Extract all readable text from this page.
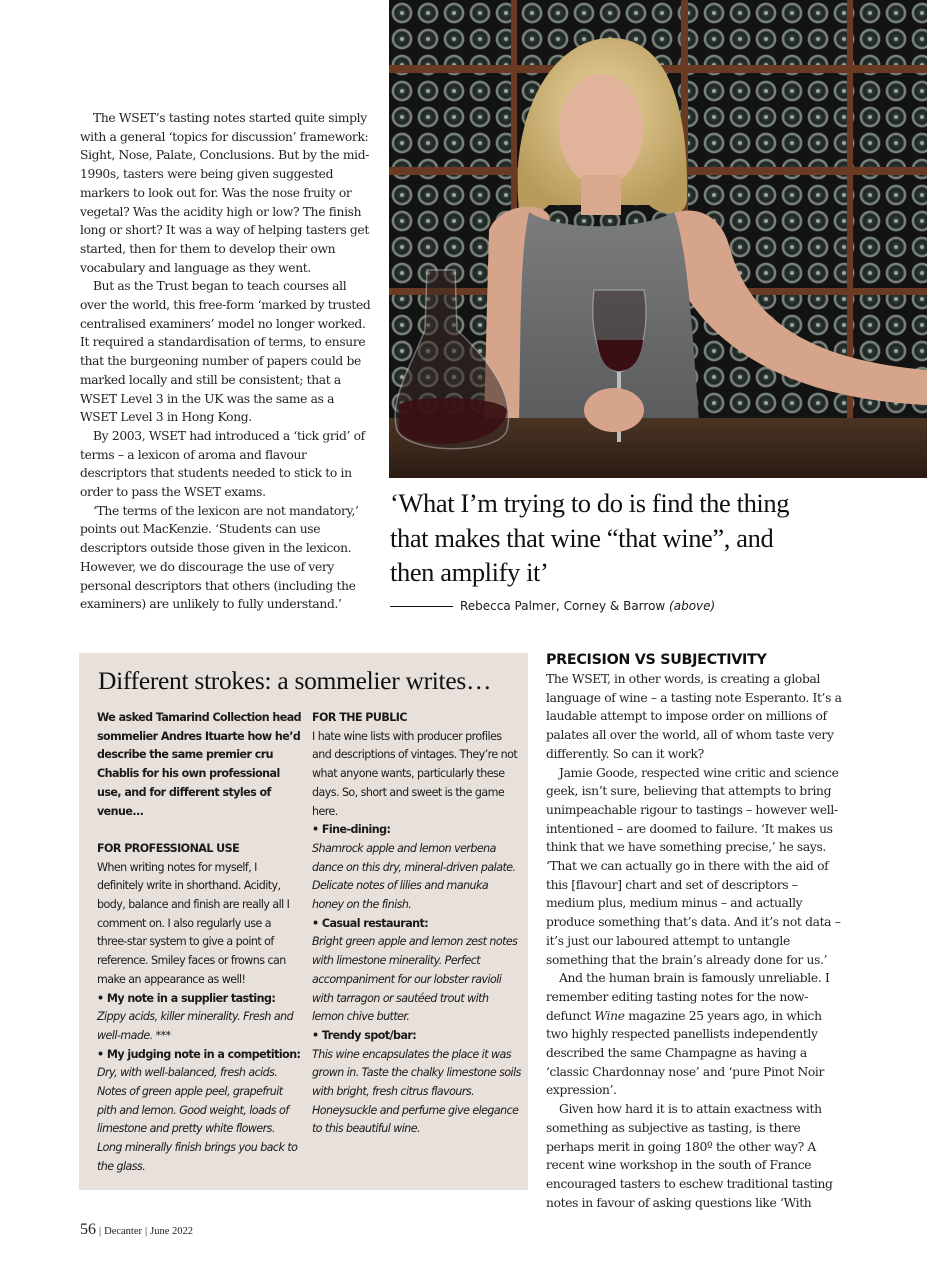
The WSET’s tasting notes started quite simply with a general ‘topics for discussion’ framework: Sight, Nose, Palate, Conclusions. But by the mid-1990s, tasters were being given suggested markers to look out for. Was the nose fruity or vegetal? Was the acidity high or low? The finish long or short? It was a way of helping tasters get started, then for them to develop their own vocabulary and language as they went.

But as the Trust began to teach courses all over the world, this free-form ‘marked by trusted centralised examiners’ model no longer worked. It required a standardisation of terms, to ensure that the burgeoning number of papers could be marked locally and still be consistent; that a WSET Level 3 in the UK was the same as a WSET Level 3 in Hong Kong.

By 2003, WSET had introduced a ‘tick grid’ of terms – a lexicon of aroma and flavour descriptors that students needed to stick to in order to pass the WSET exams.

‘The terms of the lexicon are not mandatory,’ points out MacKenzie. ‘Students can use descriptors outside those given in the lexicon. However, we do discourage the use of very personal descriptors that others (including the examiners) are unlikely to fully understand.’

‘What I’m trying to do is find the thing that makes that wine “that wine”, and then amplify it’
Rebecca Palmer, Corney & Barrow
(above)
Different strokes: a sommelier writes…
We asked Tamarind Collection head sommelier Andres Ituarte how he’d describe the same premier cru Chablis for his own professional use, and for different styles of venue...
FOR PROFESSIONAL USE
When writing notes for myself, I definitely write in shorthand. Acidity, body, balance and finish are really all I comment on. I also regularly use a three-star system to give a point of reference. Smiley faces or frowns can make an appearance as well!
• My note in a supplier tasting:
Zippy acids, killer minerality. Fresh and well-made. ***
• My judging note in a competition:
Dry, with well-balanced, fresh acids. Notes of green apple peel, grapefruit pith and lemon. Good weight, loads of limestone and pretty white flowers. Long minerally finish brings you back to the glass.
FOR THE PUBLIC
I hate wine lists with producer profiles and descriptions of vintages. They’re not what anyone wants, particularly these days. So, short and sweet is the game here.
• Fine-dining:
Shamrock apple and lemon verbena dance on this dry, mineral-driven palate. Delicate notes of lilies and manuka honey on the finish.
• Casual restaurant:
Bright green apple and lemon zest notes with limestone minerality. Perfect accompaniment for our lobster ravioli with tarragon or sautéed trout with lemon chive butter.
• Trendy spot/bar:
This wine encapsulates the place it was grown in. Taste the chalky limestone soils with bright, fresh citrus flavours. Honeysuckle and perfume give elegance to this beautiful wine.
PRECISION VS SUBJECTIVITY

The WSET, in other words, is creating a global language of wine – a tasting note Esperanto. It’s a laudable attempt to impose order on millions of palates all over the world, all of whom taste very differently. So can it work?

Jamie Goode, respected wine critic and science geek, isn’t sure, believing that attempts to bring unimpeachable rigour to tastings – however well-intentioned – are doomed to failure. ‘It makes us think that we have something precise,’ he says. ‘That we can actually go in there with the aid of this [flavour] chart and set of descriptors – medium plus, medium minus – and actually produce something that’s data. And it’s not data – it’s just our laboured attempt to untangle something that the brain’s already done for us.’

And the human brain is famously unreliable. I remember editing tasting notes for the now-defunct Wine magazine 25 years ago, in which two highly respected panellists independently described the same Champagne as having a ‘classic Chardonnay nose’ and ‘pure Pinot Noir expression’.

Given how hard it is to attain exactness with something as subjective as tasting, is there perhaps merit in going 180º the other way? A recent wine workshop in the south of France encouraged tasters to eschew traditional tasting notes in favour of asking questions like ‘With

56 | Decanter | June 2022
